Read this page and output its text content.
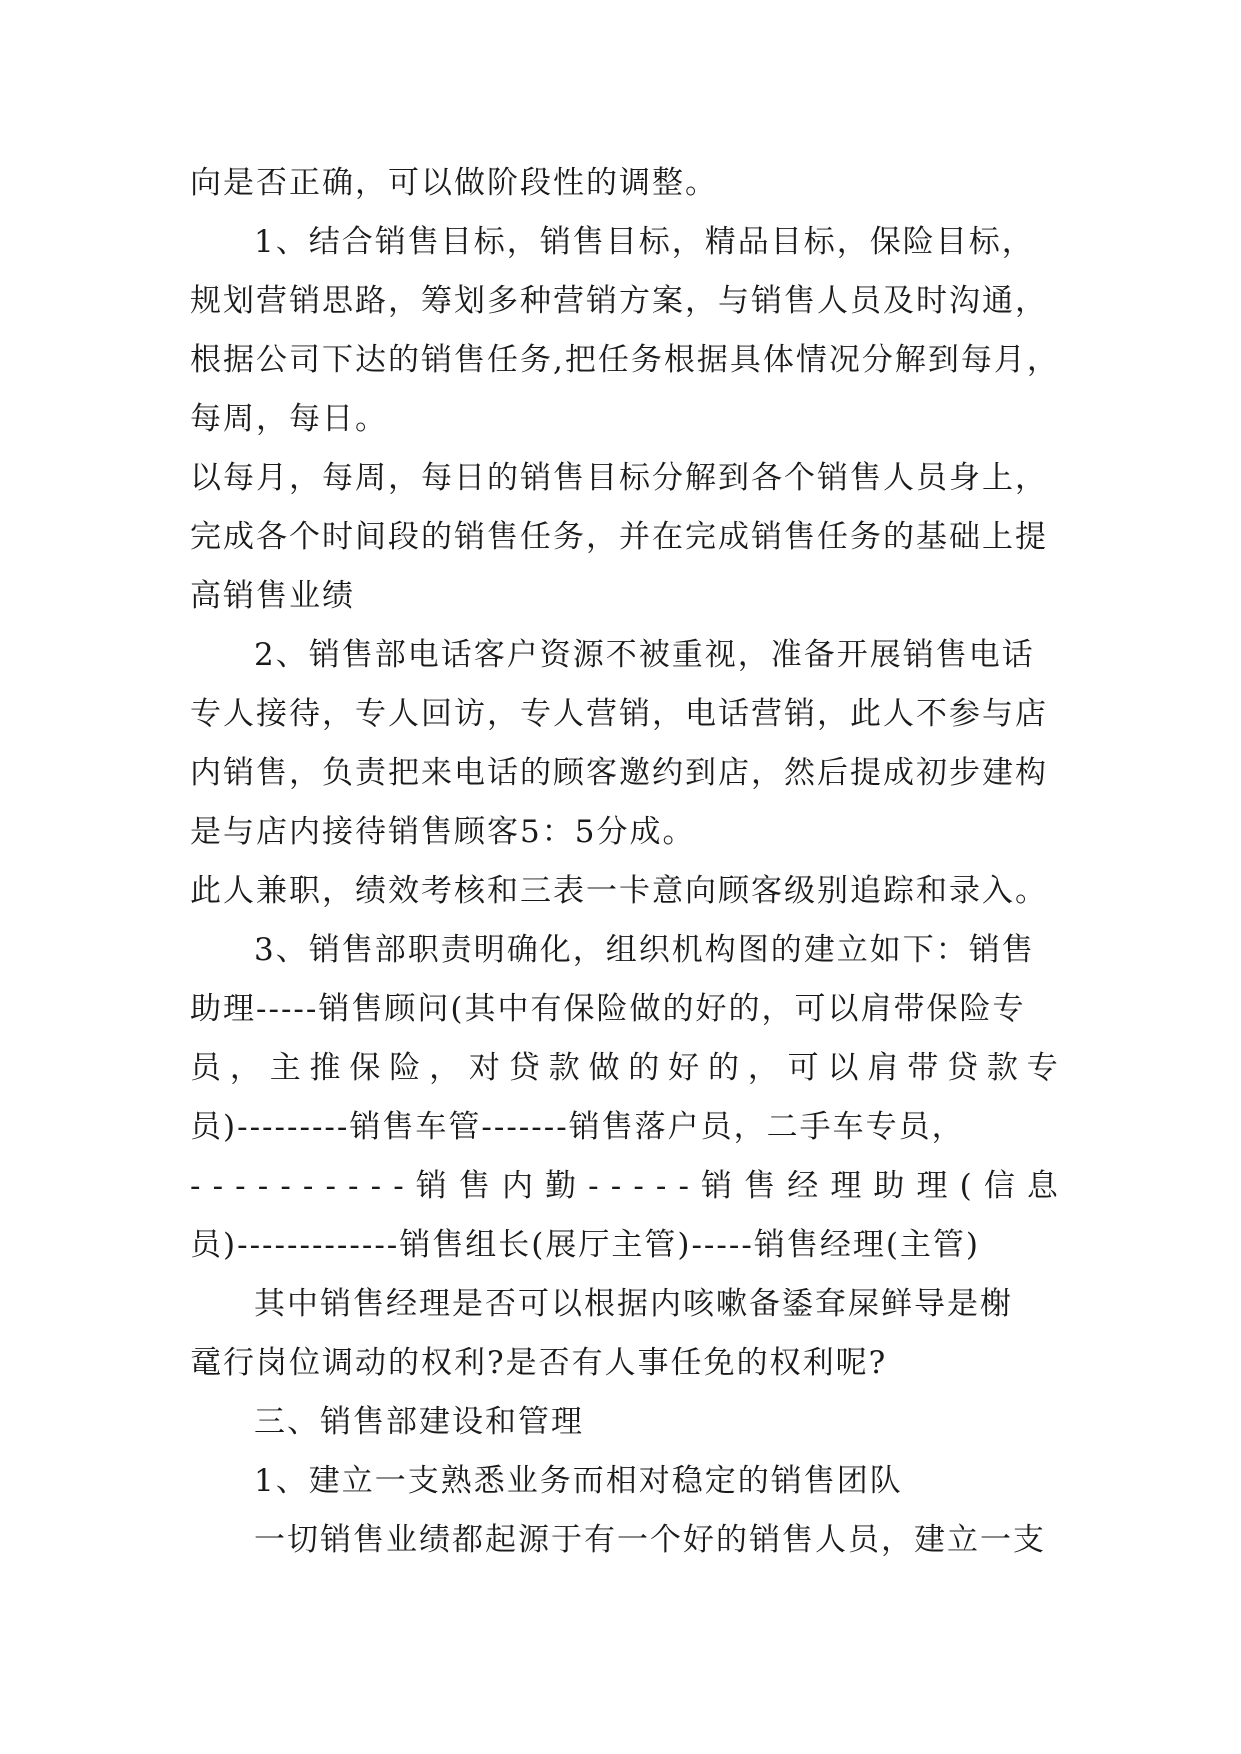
向是否正确，可以做阶段性的调整。
1、结合销售目标，销售目标，精品目标，保险目标，
规划营销思路，筹划多种营销方案，与销售人员及时沟通，
根据公司下达的销售任务,把任务根据具体情况分解到每月，
每周，每日。
以每月，每周，每日的销售目标分解到各个销售人员身上，
完成各个时间段的销售任务，并在完成销售任务的基础上提
高销售业绩
2、销售部电话客户资源不被重视，准备开展销售电话
专人接待，专人回访，专人营销，电话营销，此人不参与店
内销售，负责把来电话的顾客邀约到店，然后提成初步建构
是与店内接待销售顾客5：5分成。
此人兼职，绩效考核和三表一卡意向顾客级别追踪和录入。
3、销售部职责明确化，组织机构图的建立如下：销售
助理-----销售顾问(其中有保险做的好的，可以肩带保险专
员 ， 主 推 保 险 ， 对 贷 款 做 的 好 的 ， 可 以 肩 带 贷 款 专
员)---------销售车管-------销售落户员，二手车专员，
- - - - - - - - - - 销 售 内 勤 - - - - - 销 售 经 理 助 理 ( 信 息
员)-------------销售组长(展厅主管)-----销售经理(主管)
其中销售经理是否可以根据内咳嗽备鋈耷屎鲜导是榭
鼋行岗位调动的权利?是否有人事任免的权利呢?
三、销售部建设和管理
1、建立一支熟悉业务而相对稳定的销售团队
一切销售业绩都起源于有一个好的销售人员，建立一支
